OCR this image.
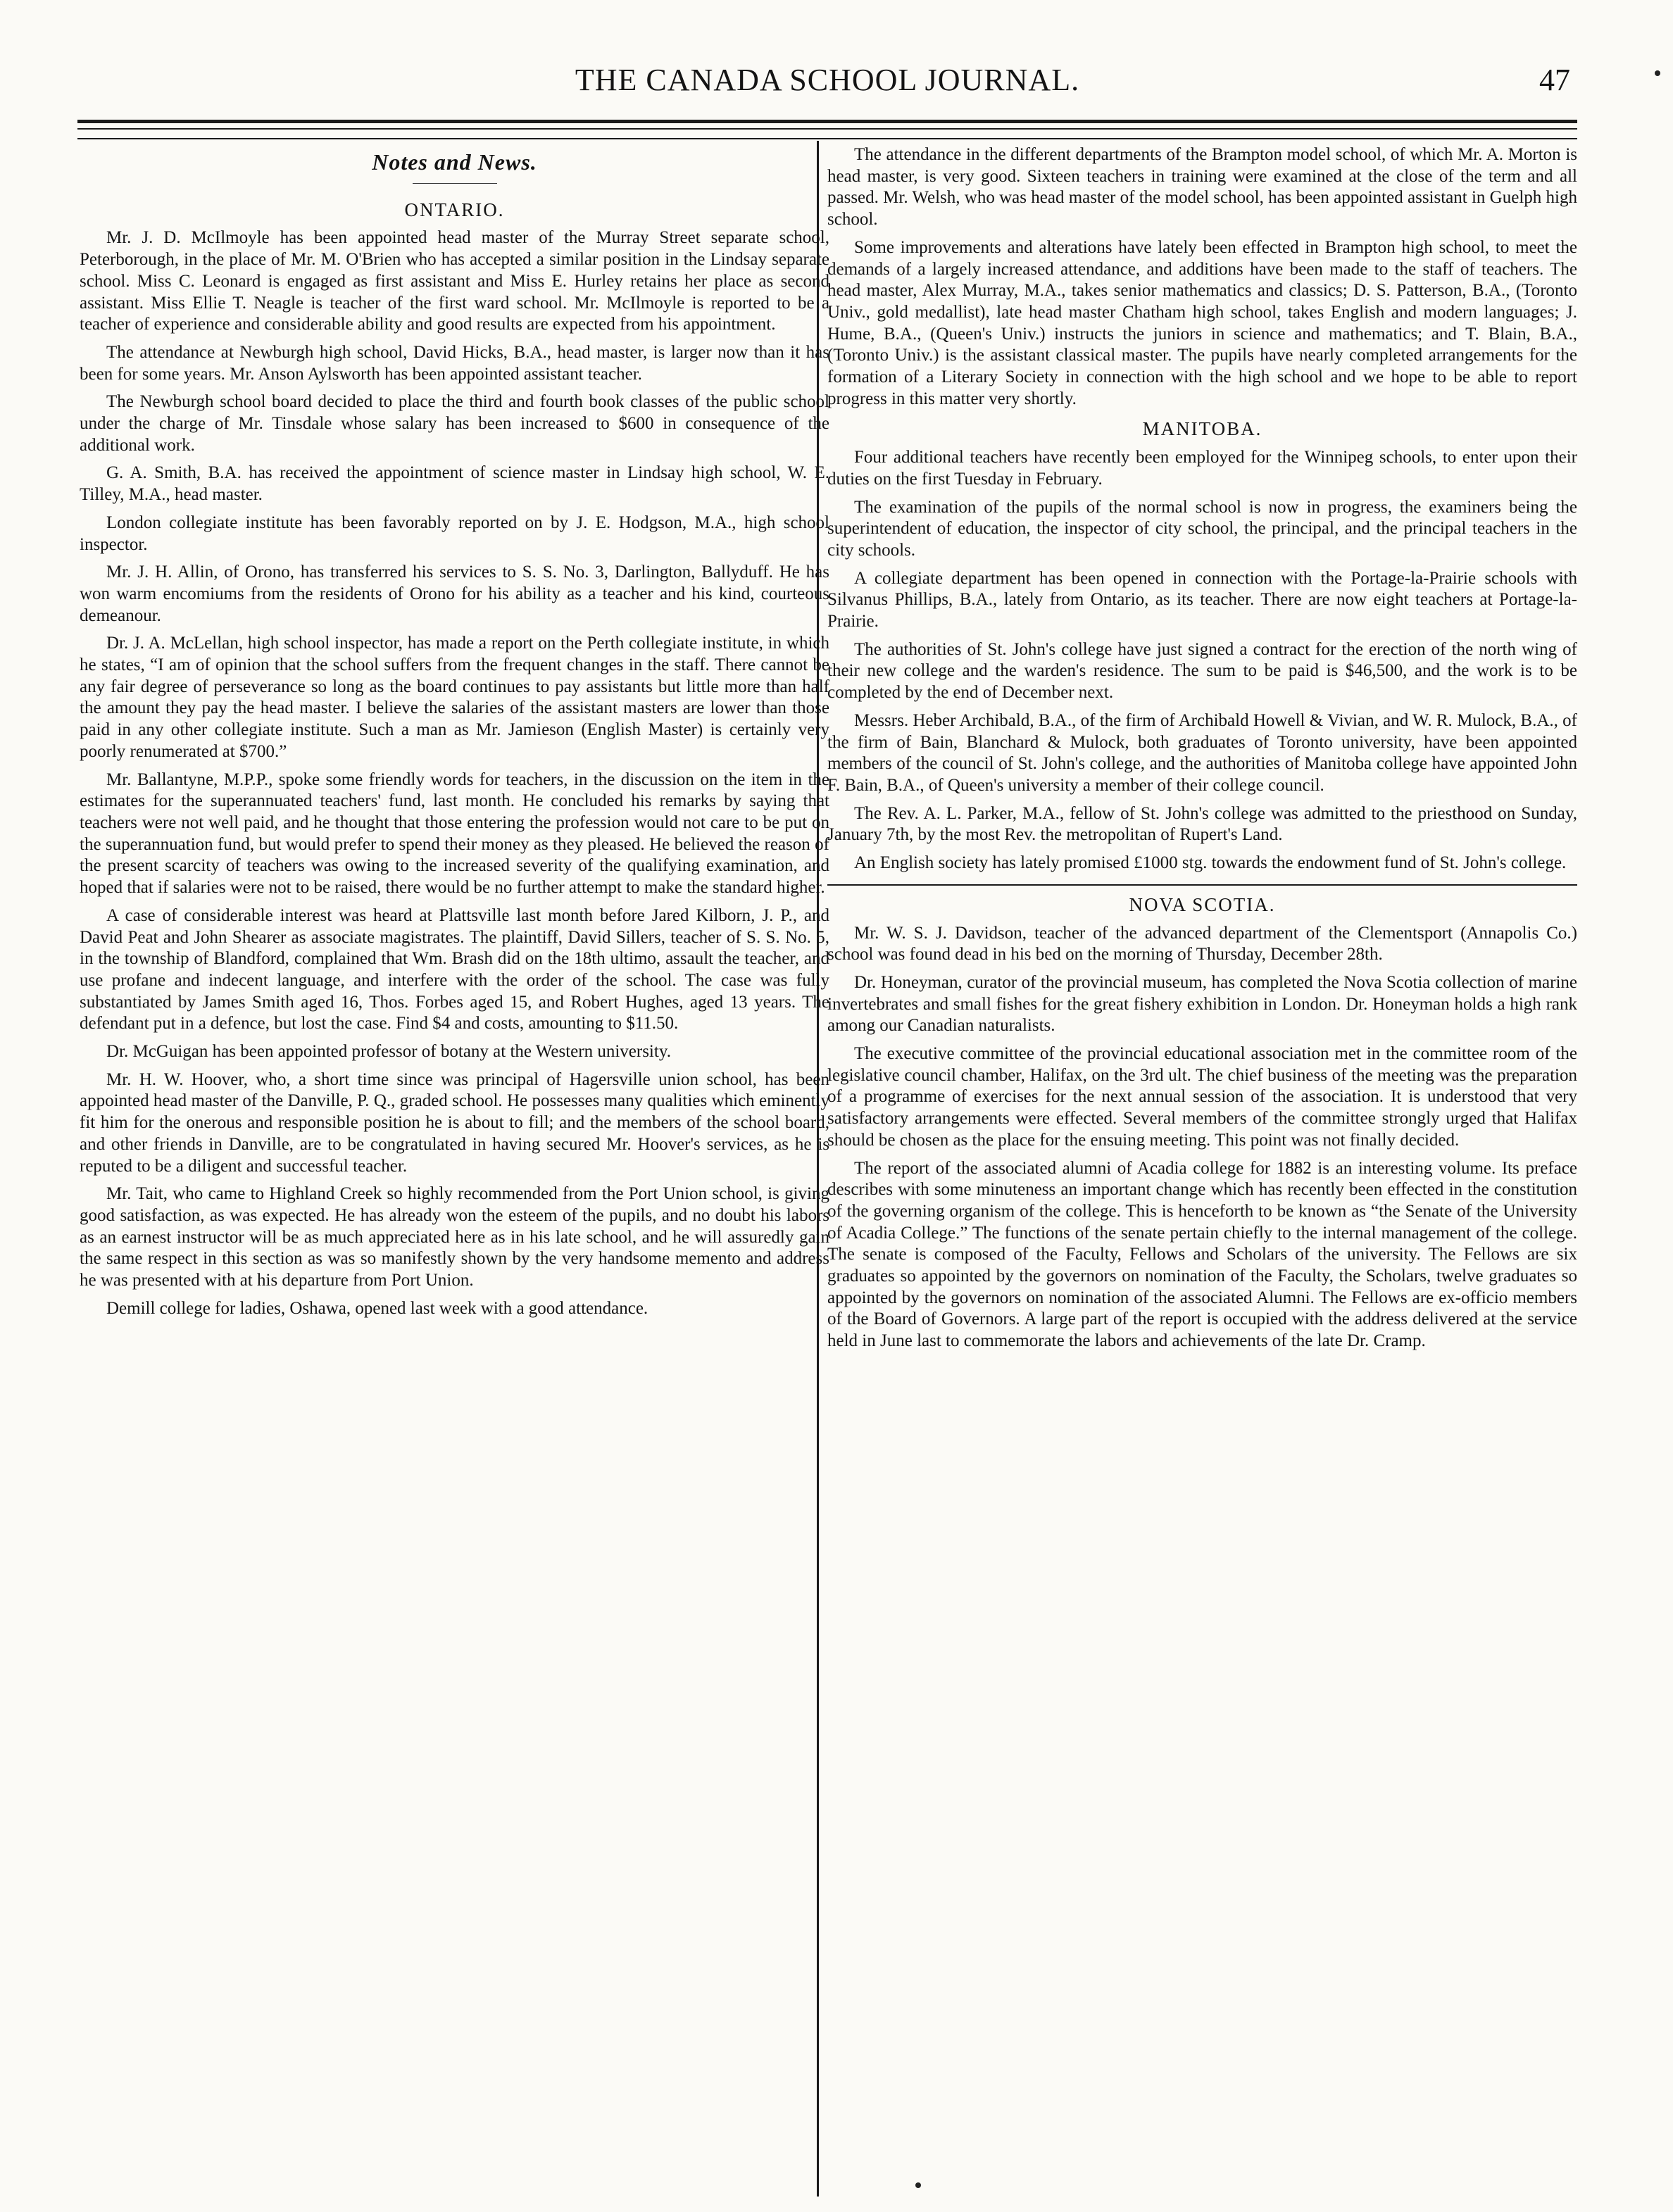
THE CANADA SCHOOL JOURNAL.	47
Notes and News.
ONTARIO.

Mr. J. D. McIlmoyle has been appointed head master of the Murray Street separate school, Peterborough, in the place of Mr. M. O'Brien who has accepted a similar position in the Lindsay separate school. Miss C. Leonard is engaged as first assistant and Miss E. Hurley retains her place as second assistant. Miss Ellie T. Neagle is teacher of the first ward school. Mr. McIlmoyle is reported to be a teacher of experience and considerable ability and good results are expected from his appointment.

The attendance at Newburgh high school, David Hicks, B.A., head master, is larger now than it has been for some years. Mr. Anson Aylsworth has been appointed assistant teacher.

The Newburgh school board decided to place the third and fourth book classes of the public school under the charge of Mr. Tinsdale whose salary has been increased to $600 in consequence of the additional work.

G. A. Smith, B.A. has received the appointment of science master in Lindsay high school, W. E. Tilley, M.A., head master.

London collegiate institute has been favorably reported on by J. E. Hodgson, M.A., high school inspector.

Mr. J. H. Allin, of Orono, has transferred his services to S. S. No. 3, Darlington, Ballyduff. He has won warm encomiums from the residents of Orono for his ability as a teacher and his kind, courteous demeanour.

Dr. J. A. McLellan, high school inspector, has made a report on the Perth collegiate institute, in which he states, “I am of opinion that the school suffers from the frequent changes in the staff. There cannot be any fair degree of perseverance so long as the board continues to pay assistants but little more than half the amount they pay the head master. I believe the salaries of the assistant masters are lower than those paid in any other collegiate institute. Such a man as Mr. Jamieson (English Master) is certainly very poorly renumerated at $700.”

Mr. Ballantyne, M.P.P., spoke some friendly words for teachers, in the discussion on the item in the estimates for the superannuated teachers' fund, last month. He concluded his remarks by saying that teachers were not well paid, and he thought that those entering the profession would not care to be put on the superannuation fund, but would prefer to spend their money as they pleased. He believed the reason of the present scarcity of teachers was owing to the increased severity of the qualifying examination, and hoped that if salaries were not to be raised, there would be no further attempt to make the standard higher.

A case of considerable interest was heard at Plattsville last month before Jared Kilborn, J. P., and David Peat and John Shearer as associate magistrates. The plaintiff, David Sillers, teacher of S. S. No. 5, in the township of Blandford, complained that Wm. Brash did on the 18th ultimo, assault the teacher, and use profane and indecent language, and interfere with the order of the school. The case was fully substantiated by James Smith aged 16, Thos. Forbes aged 15, and Robert Hughes, aged 13 years. The defendant put in a defence, but lost the case. Find $4 and costs, amounting to $11.50.

Dr. McGuigan has been appointed professor of botany at the Western university.

Mr. H. W. Hoover, who, a short time since was principal of Hagersville union school, has been appointed head master of the Danville, P. Q., graded school. He possesses many qualities which eminently fit him for the onerous and responsible position he is about to fill; and the members of the school board, and other friends in Danville, are to be congratulated in having secured Mr. Hoover's services, as he is reputed to be a diligent and successful teacher.

Mr. Tait, who came to Highland Creek so highly recommended from the Port Union school, is giving good satisfaction, as was expected. He has already won the esteem of the pupils, and no doubt his labors as an earnest instructor will be as much appreciated here as in his late school, and he will assuredly gain the same respect in this section as was so manifestly shown by the very handsome memento and address he was presented with at his departure from Port Union.

Demill college for ladies, Oshawa, opened last week with a good attendance.

The attendance in the different departments of the Brampton model school, of which Mr. A. Morton is head master, is very good. Sixteen teachers in training were examined at the close of the term and all passed. Mr. Welsh, who was head master of the model school, has been appointed assistant in Guelph high school.

Some improvements and alterations have lately been effected in Brampton high school, to meet the demands of a largely increased attendance, and additions have been made to the staff of teachers. The head master, Alex Murray, M.A., takes senior mathematics and classics; D. S. Patterson, B.A., (Toronto Univ., gold medallist), late head master Chatham high school, takes English and modern languages; J. Hume, B.A., (Queen's Univ.) instructs the juniors in science and mathematics; and T. Blain, B.A., (Toronto Univ.) is the assistant classical master. The pupils have nearly completed arrangements for the formation of a Literary Society in connection with the high school and we hope to be able to report progress in this matter very shortly.

MANITOBA.

Four additional teachers have recently been employed for the Winnipeg schools, to enter upon their duties on the first Tuesday in February.

The examination of the pupils of the normal school is now in progress, the examiners being the superintendent of education, the inspector of city school, the principal, and the principal teachers in the city schools.

A collegiate department has been opened in connection with the Portage-la-Prairie schools with Silvanus Phillips, B.A., lately from Ontario, as its teacher. There are now eight teachers at Portage-la-Prairie.

The authorities of St. John's college have just signed a contract for the erection of the north wing of their new college and the warden's residence. The sum to be paid is $46,500, and the work is to be completed by the end of December next.

Messrs. Heber Archibald, B.A., of the firm of Archibald Howell & Vivian, and W. R. Mulock, B.A., of the firm of Bain, Blanchard & Mulock, both graduates of Toronto university, have been appointed members of the council of St. John's college, and the authorities of Manitoba college have appointed John F. Bain, B.A., of Queen's university a member of their college council.

The Rev. A. L. Parker, M.A., fellow of St. John's college was admitted to the priesthood on Sunday, January 7th, by the most Rev. the metropolitan of Rupert's Land.

An English society has lately promised £1000 stg. towards the endowment fund of St. John's college.

NOVA SCOTIA.

Mr. W. S. J. Davidson, teacher of the advanced department of the Clementsport (Annapolis Co.) school was found dead in his bed on the morning of Thursday, December 28th.

Dr. Honeyman, curator of the provincial museum, has completed the Nova Scotia collection of marine invertebrates and small fishes for the great fishery exhibition in London. Dr. Honeyman holds a high rank among our Canadian naturalists.

The executive committee of the provincial educational association met in the committee room of the legislative council chamber, Halifax, on the 3rd ult. The chief business of the meeting was the preparation of a programme of exercises for the next annual session of the association. It is understood that very satisfactory arrangements were effected. Several members of the committee strongly urged that Halifax should be chosen as the place for the ensuing meeting. This point was not finally decided.

The report of the associated alumni of Acadia college for 1882 is an interesting volume. Its preface describes with some minuteness an important change which has recently been effected in the constitution of the governing organism of the college. This is henceforth to be known as “the Senate of the University of Acadia College.” The functions of the senate pertain chiefly to the internal management of the college. The senate is composed of the Faculty, Fellows and Scholars of the university. The Fellows are six graduates so appointed by the governors on nomination of the Faculty, the Scholars, twelve graduates so appointed by the governors on nomination of the associated Alumni. The Fellows are ex-officio members of the Board of Governors. A large part of the report is occupied with the address delivered at the service held in June last to commemorate the labors and achievements of the late Dr. Cramp.
